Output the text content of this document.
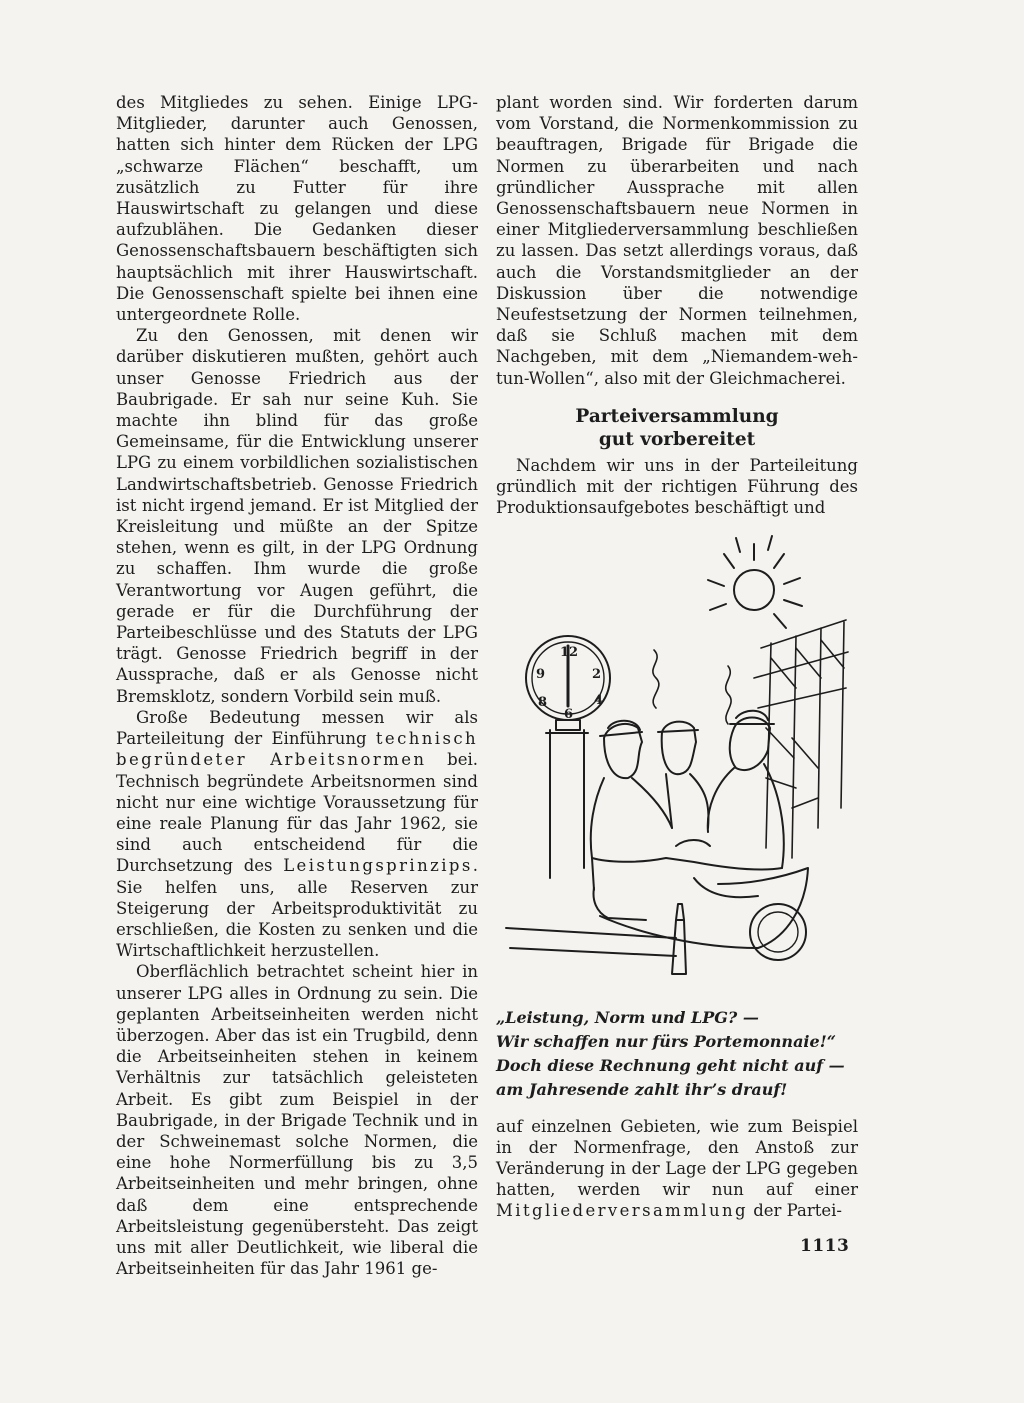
des Mitgliedes zu sehen. Einige LPG-Mitglieder, darunter auch Genossen, hatten sich hinter dem Rücken der LPG „schwarze Flächen“ beschafft, um zusätzlich zu Futter für ihre Hauswirtschaft zu gelangen und diese aufzublähen. Die Gedanken dieser Genossenschaftsbauern beschäftigten sich hauptsächlich mit ihrer Hauswirtschaft. Die Genossenschaft spielte bei ihnen eine untergeordnete Rolle.

Zu den Genossen, mit denen wir darüber diskutieren mußten, gehört auch unser Genosse Friedrich aus der Baubrigade. Er sah nur seine Kuh. Sie machte ihn blind für das große Gemeinsame, für die Entwicklung unserer LPG zu einem vorbildlichen sozialistischen Landwirtschaftsbetrieb. Genosse Friedrich ist nicht irgend jemand. Er ist Mitglied der Kreisleitung und müßte an der Spitze stehen, wenn es gilt, in der LPG Ordnung zu schaffen. Ihm wurde die große Verantwortung vor Augen geführt, die gerade er für die Durchführung der Parteibeschlüsse und des Statuts der LPG trägt. Genosse Friedrich begriff in der Aussprache, daß er als Genosse nicht Bremsklotz, sondern Vorbild sein muß.

Große Bedeutung messen wir als Parteileitung der Einführung technisch begründeter Arbeitsnormen bei. Technisch begründete Arbeitsnormen sind nicht nur eine wichtige Voraussetzung für eine reale Planung für das Jahr 1962, sie sind auch entscheidend für die Durchsetzung des Leistungsprinzips. Sie helfen uns, alle Reserven zur Steigerung der Arbeitsproduktivität zu erschließen, die Kosten zu senken und die Wirtschaftlichkeit herzustellen.

Oberflächlich betrachtet scheint hier in unserer LPG alles in Ordnung zu sein. Die geplanten Arbeitseinheiten werden nicht überzogen. Aber das ist ein Trugbild, denn die Arbeitseinheiten stehen in keinem Verhältnis zur tatsächlich geleisteten Arbeit. Es gibt zum Beispiel in der Baubrigade, in der Brigade Technik und in der Schweinemast solche Normen, die eine hohe Normerfüllung bis zu 3,5 Arbeitseinheiten und mehr bringen, ohne daß dem eine entsprechende Arbeitsleistung gegenübersteht. Das zeigt uns mit aller Deutlichkeit, wie liberal die Arbeitseinheiten für das Jahr 1961 ge-

plant worden sind. Wir forderten darum vom Vorstand, die Normenkommission zu beauftragen, Brigade für Brigade die Normen zu überarbeiten und nach gründlicher Aussprache mit allen Genossenschaftsbauern neue Normen in einer Mitgliederversammlung beschließen zu lassen. Das setzt allerdings voraus, daß auch die Vorstandsmitglieder an der Diskussion über die notwendige Neufestsetzung der Normen teilnehmen, daß sie Schluß machen mit dem Nachgeben, mit dem „Niemandem-weh-tun-Wollen“, also mit der Gleichmacherei.

Parteiversammlung
gut vorbereitet

Nachdem wir uns in der Parteileitung gründlich mit der richtigen Führung des Produktionsaufgebotes beschäftigt und

12
2
4
6
8
9
„Leistung, Norm und LPG? —
Wir schaffen nur fürs Portemonnaie!“
Doch diese Rechnung geht nicht auf —
am Jahresende zahlt ihr’s drauf!

auf einzelnen Gebieten, wie zum Beispiel in der Normenfrage, den Anstoß zur Veränderung in der Lage der LPG gegeben hatten, werden wir nun auf einer Mitgliederversammlung der Partei-

1113
